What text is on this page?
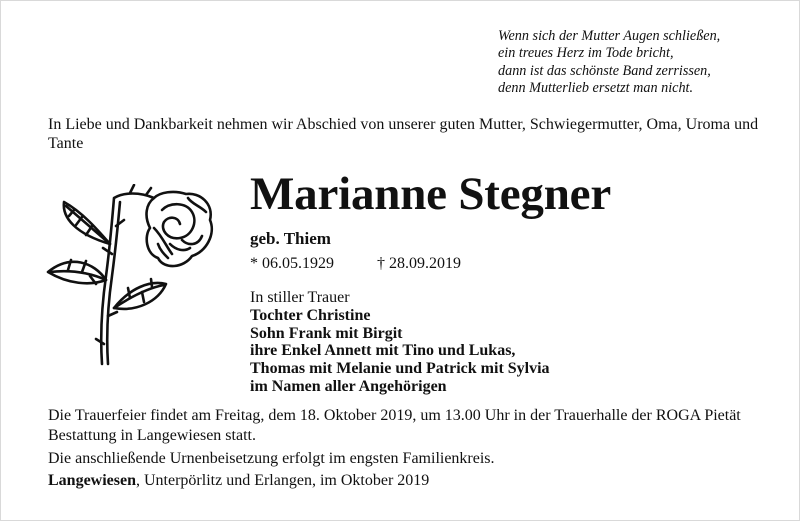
Wenn sich der Mutter Augen schließen,
ein treues Herz im Tode bricht,
dann ist das schönste Band zerrissen,
denn Mutterlieb ersetzt man nicht.
In Liebe und Dankbarkeit nehmen wir Abschied von unserer guten Mutter, Schwiegermutter, Oma, Uroma und Tante
Marianne Stegner
geb. Thiem
* 06.05.1929	† 28.09.2019
In stiller Trauer
Tochter Christine
Sohn Frank mit Birgit
ihre Enkel Annett mit Tino und Lukas,
Thomas mit Melanie und Patrick mit Sylvia
im Namen aller Angehörigen
Die Trauerfeier findet am Freitag, dem 18. Oktober 2019, um 13.00 Uhr in der Trauerhalle der ROGA Pietät Bestattung in Langewiesen statt.
Die anschließende Urnenbeisetzung erfolgt im engsten Familienkreis.
Langewiesen, Unterpörlitz und Erlangen, im Oktober 2019
